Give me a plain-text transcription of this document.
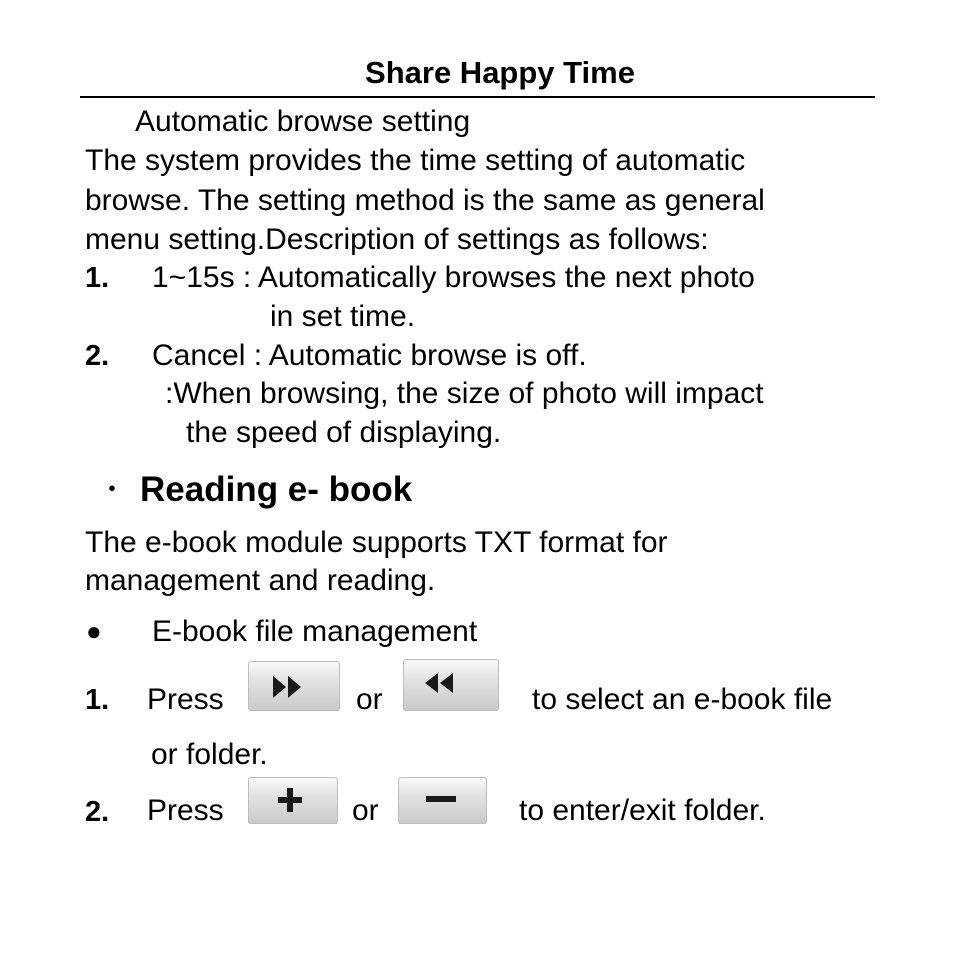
Share Happy Time
Automatic browse setting
The system provides the time setting of automatic
browse. The setting method is the same as general
menu setting.Description of settings as follows:
1. 1~15s : Automatically browses the next photo
in set time.
2. Cancel : Automatic browse is off.
:When browsing, the size of photo will impact
the speed of displaying.
・ Reading e- book
The e-book module supports TXT format for
management and reading.
● E-book file management
1. Press	or	to select an e-book file
or folder.
2. Press	or	to enter/exit folder.
